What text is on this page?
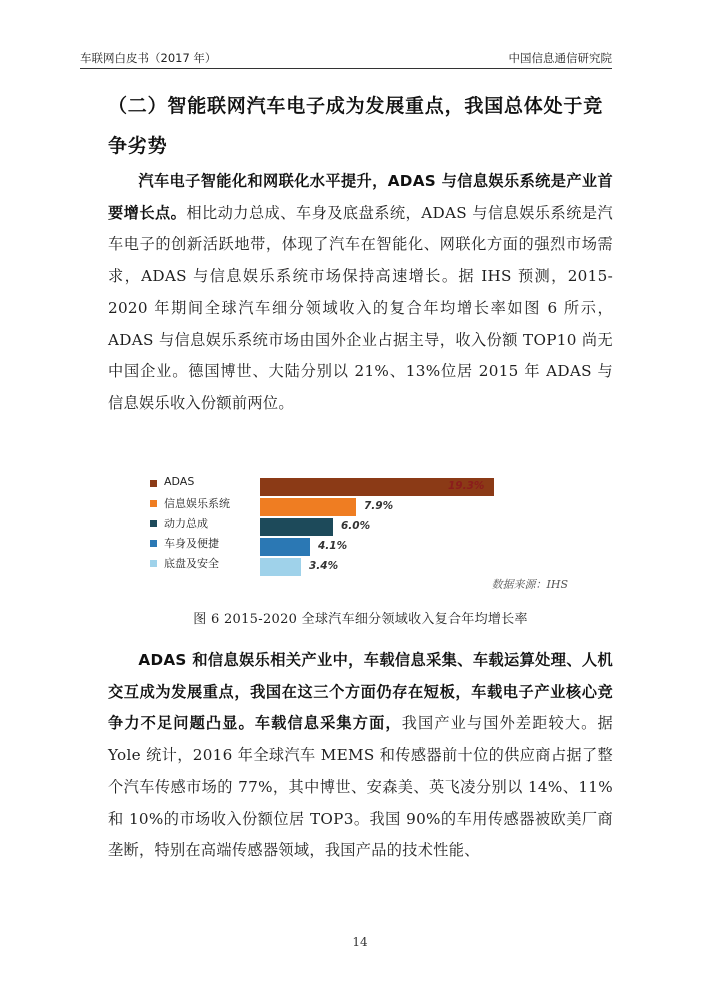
车联网白皮书（2017 年）	中国信息通信研究院
（二）智能联网汽车电子成为发展重点，我国总体处于竞争劣势
汽车电子智能化和网联化水平提升，ADAS 与信息娱乐系统是产业首要增长点。相比动力总成、车身及底盘系统，ADAS 与信息娱乐系统是汽车电子的创新活跃地带，体现了汽车在智能化、网联化方面的强烈市场需求，ADAS 与信息娱乐系统市场保持高速增长。据 IHS 预测，2015-2020 年期间全球汽车细分领域收入的复合年均增长率如图 6 所示，ADAS 与信息娱乐系统市场由国外企业占据主导，收入份额 TOP10 尚无中国企业。德国博世、大陆分别以 21%、13%位居 2015 年 ADAS 与信息娱乐收入份额前两位。
ADAS
信息娱乐系统
动力总成
车身及便捷
底盘及安全
19.3%
7.9%
6.0%
4.1%
3.4%
数据来源：IHS
图 6 2015-2020 全球汽车细分领域收入复合年均增长率
ADAS 和信息娱乐相关产业中，车载信息采集、车载运算处理、人机交互成为发展重点，我国在这三个方面仍存在短板，车载电子产业核心竞争力不足问题凸显。车载信息采集方面，我国产业与国外差距较大。据 Yole 统计，2016 年全球汽车 MEMS 和传感器前十位的供应商占据了整个汽车传感市场的 77%，其中博世、安森美、英飞凌分别以 14%、11%和 10%的市场收入份额位居 TOP3。我国 90%的车用传感器被欧美厂商垄断，特别在高端传感器领域，我国产品的技术性能、
14
